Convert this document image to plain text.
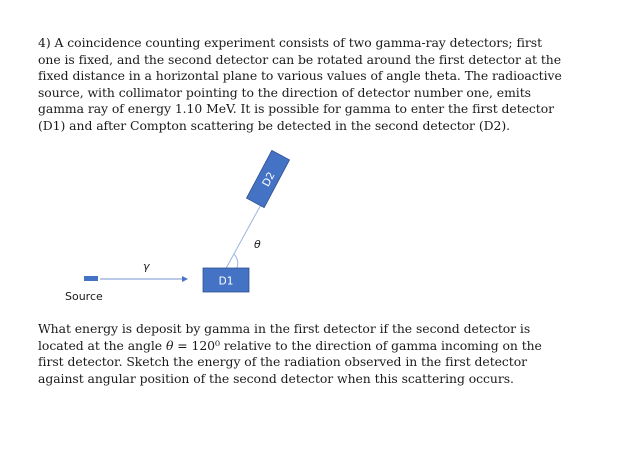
4) A coincidence counting experiment consists of two gamma-ray detectors; first
one is fixed, and the second detector can be rotated around the first detector at the
fixed distance in a horizontal plane to various values of angle theta. The radioactive
source, with collimator pointing to the direction of detector number one, emits
gamma ray of energy 1.10 MeV. It is possible for gamma to enter the first detector
(D1) and after Compton scattering be detected in the second detector (D2).

Source
γ
θ
D1
D2

What energy is deposit by gamma in the first detector if the second detector is
located at the angle θ = 120⁰ relative to the direction of gamma incoming on the
first detector. Sketch the energy of the radiation observed in the first detector
against angular position of the second detector when this scattering occurs.
